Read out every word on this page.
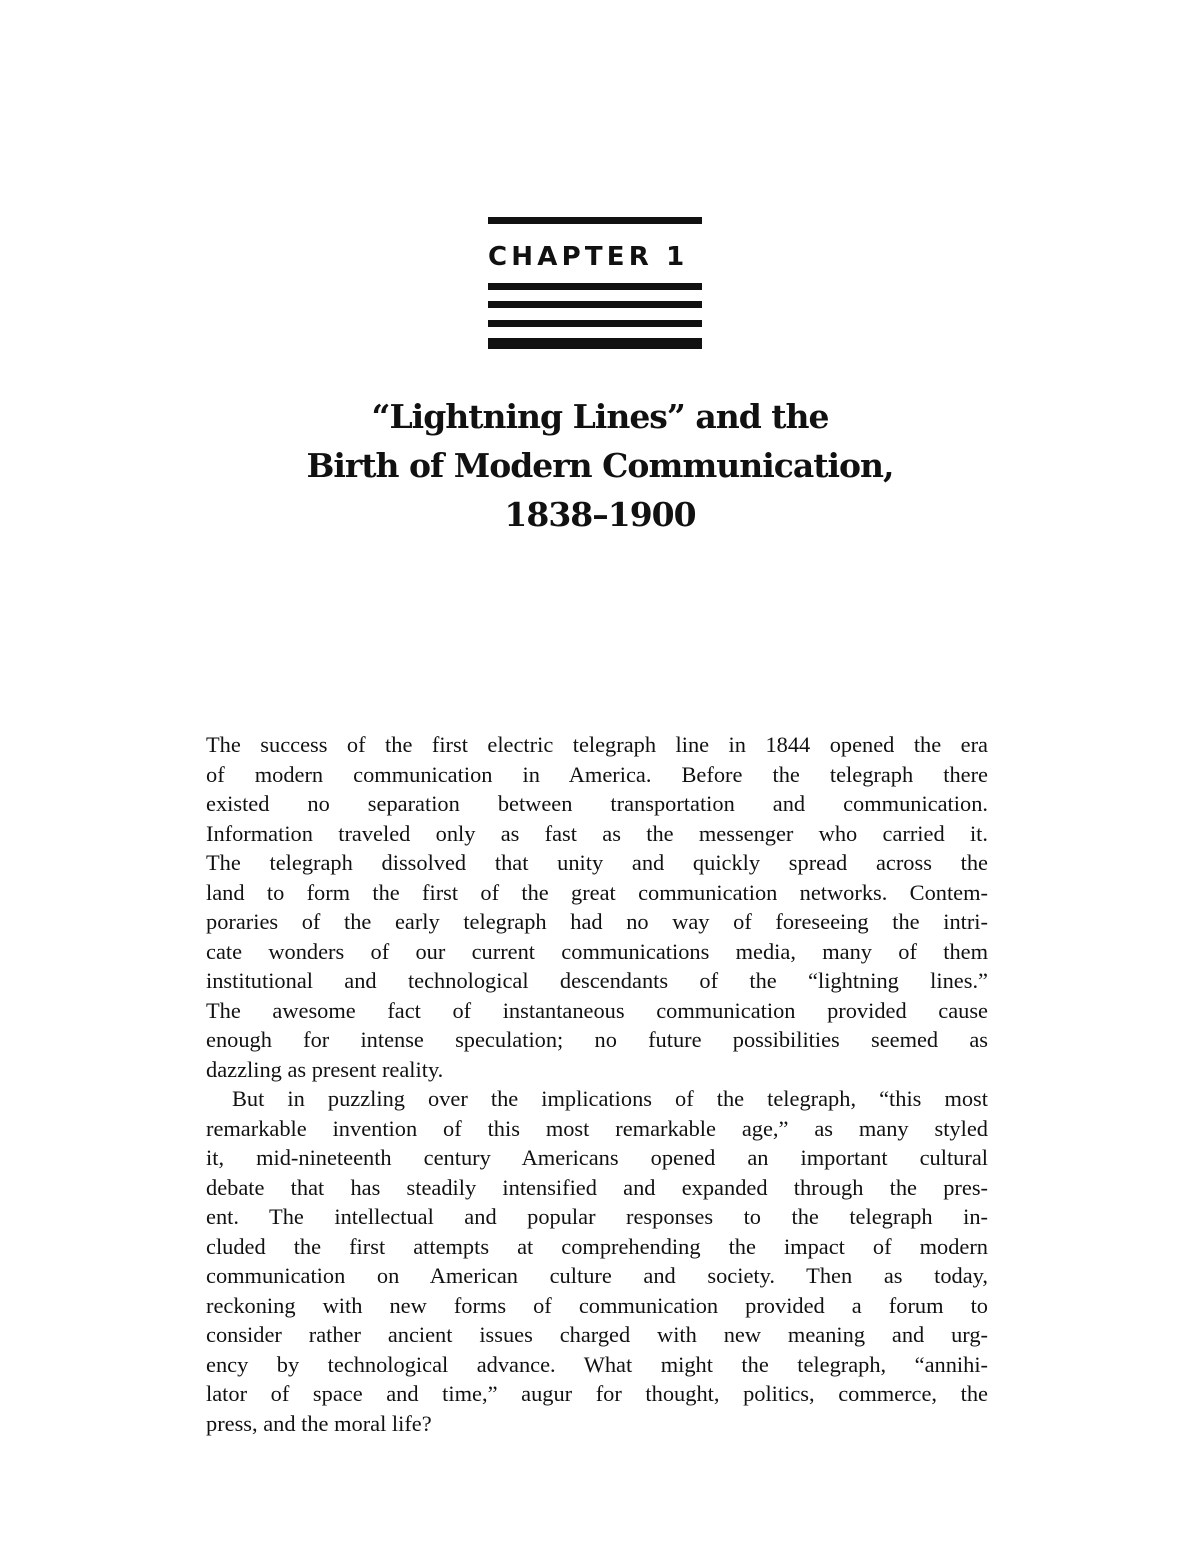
CHAPTER 1
“Lightning Lines” and the
Birth of Modern Communication,
1838–1900
The success of the first electric telegraph line in 1844 opened the era
of modern communication in America. Before the telegraph there
existed no separation between transportation and communication.
Information traveled only as fast as the messenger who carried it.
The telegraph dissolved that unity and quickly spread across the
land to form the first of the great communication networks. Contem-
poraries of the early telegraph had no way of foreseeing the intri-
cate wonders of our current communications media, many of them
institutional and technological descendants of the “lightning lines.”
The awesome fact of instantaneous communication provided cause
enough for intense speculation; no future possibilities seemed as
dazzling as present reality.
But in puzzling over the implications of the telegraph, “this most
remarkable invention of this most remarkable age,” as many styled
it, mid-nineteenth century Americans opened an important cultural
debate that has steadily intensified and expanded through the pres-
ent. The intellectual and popular responses to the telegraph in-
cluded the first attempts at comprehending the impact of modern
communication on American culture and society. Then as today,
reckoning with new forms of communication provided a forum to
consider rather ancient issues charged with new meaning and urg-
ency by technological advance. What might the telegraph, “annihi-
lator of space and time,” augur for thought, politics, commerce, the
press, and the moral life?
